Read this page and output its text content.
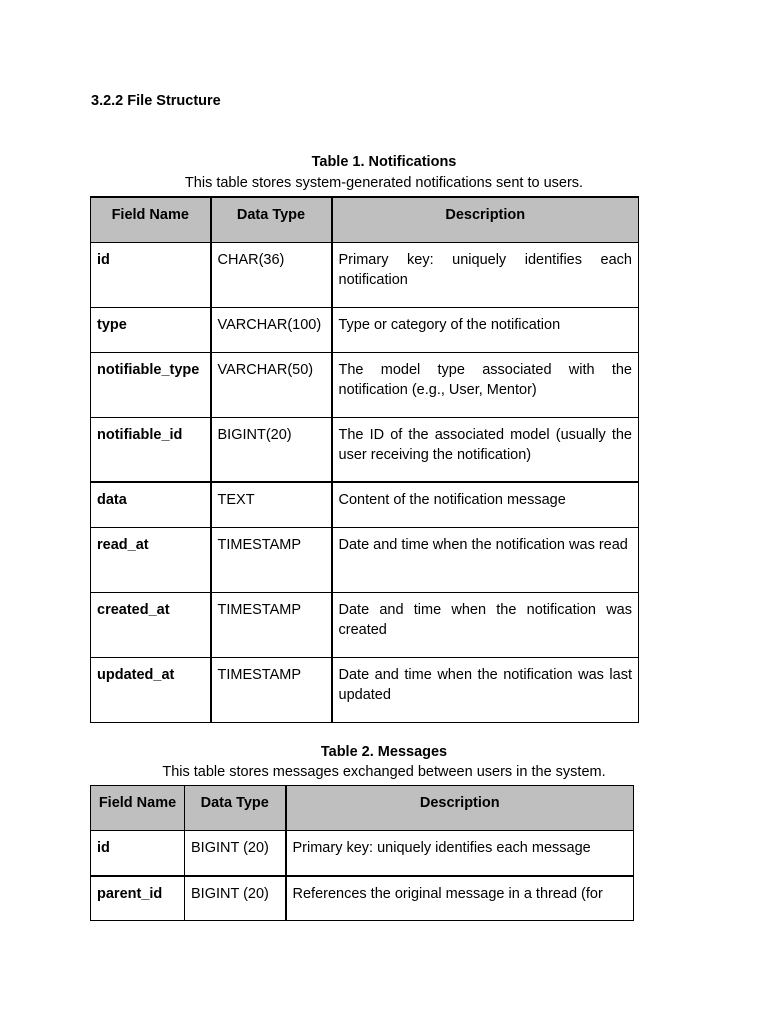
3.2.2 File Structure

Table 1. Notifications

This table stores system-generated notifications sent to users.

Field Name	Data Type	Description
id	CHAR(36)	Primary key: uniquely identifies each notification
type	VARCHAR(100)	Type or category of the notification
notifiable_type	VARCHAR(50)	The model type associated with the notification (e.g., User, Mentor)
notifiable_id	BIGINT(20)	The ID of the associated model (usually the user receiving the notification)
data	TEXT	Content of the notification message
read_at	TIMESTAMP	Date and time when the notification was read
created_at	TIMESTAMP	Date and time when the notification was created
updated_at	TIMESTAMP	Date and time when the notification was last updated

Table 2. Messages

This table stores messages exchanged between users in the system.

Field Name	Data Type	Description
id	BIGINT (20)	Primary key: uniquely identifies each message
parent_id	BIGINT (20)	References the original message in a thread (for
